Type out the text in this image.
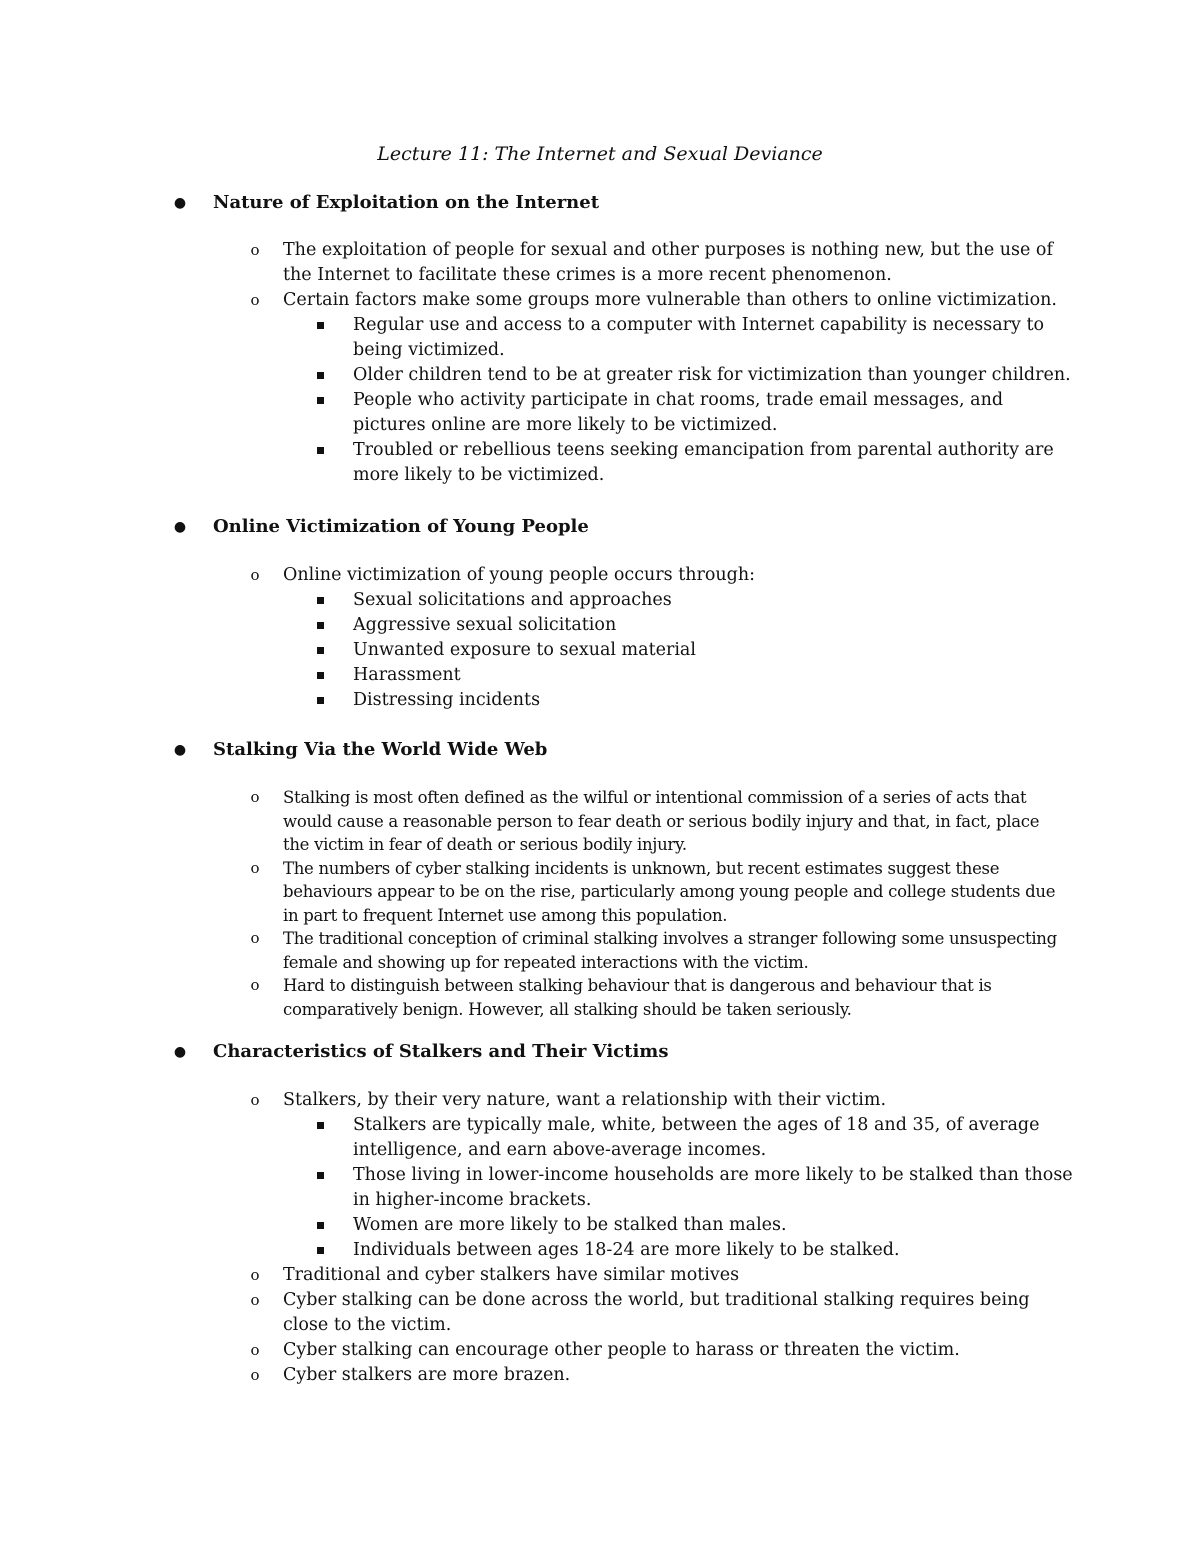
Lecture 11: The Internet and Sexual Deviance
● Nature of Exploitation on the Internet
o The exploitation of people for sexual and other purposes is nothing new, but the use of the Internet to facilitate these crimes is a more recent phenomenon.
o Certain factors make some groups more vulnerable than others to online victimization.
Regular use and access to a computer with Internet capability is necessary to being victimized.
Older children tend to be at greater risk for victimization than younger children.
People who activity participate in chat rooms, trade email messages, and pictures online are more likely to be victimized.
Troubled or rebellious teens seeking emancipation from parental authority are more likely to be victimized.
● Online Victimization of Young People
o Online victimization of young people occurs through:
Sexual solicitations and approaches
Aggressive sexual solicitation
Unwanted exposure to sexual material
Harassment
Distressing incidents
● Stalking Via the World Wide Web
o Stalking is most often defined as the wilful or intentional commission of a series of acts that would cause a reasonable person to fear death or serious bodily injury and that, in fact, place the victim in fear of death or serious bodily injury.
o The numbers of cyber stalking incidents is unknown, but recent estimates suggest these behaviours appear to be on the rise, particularly among young people and college students due in part to frequent Internet use among this population.
o The traditional conception of criminal stalking involves a stranger following some unsuspecting female and showing up for repeated interactions with the victim.
o Hard to distinguish between stalking behaviour that is dangerous and behaviour that is comparatively benign. However, all stalking should be taken seriously.
● Characteristics of Stalkers and Their Victims
o Stalkers, by their very nature, want a relationship with their victim.
Stalkers are typically male, white, between the ages of 18 and 35, of average intelligence, and earn above-average incomes.
Those living in lower-income households are more likely to be stalked than those in higher-income brackets.
Women are more likely to be stalked than males.
Individuals between ages 18-24 are more likely to be stalked.
o Traditional and cyber stalkers have similar motives
o Cyber stalking can be done across the world, but traditional stalking requires being close to the victim.
o Cyber stalking can encourage other people to harass or threaten the victim.
o Cyber stalkers are more brazen.
